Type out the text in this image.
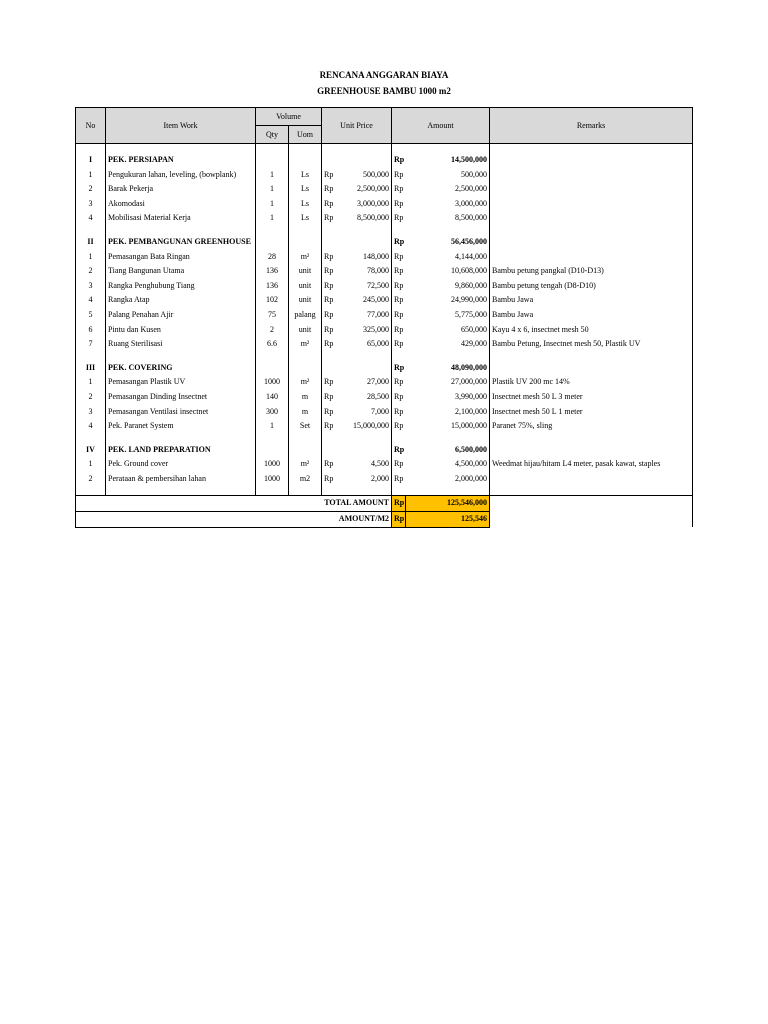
RENCANA ANGGARAN BIAYA
GREENHOUSE BAMBU 1000 m2
No	Item Work	Volume		Unit Price		Amount		Remarks
		Qty	Uom					

I	PEK. PERSIAPAN					Rp	14,500,000	
1	Pengukuran lahan, leveling, (bowplank)	1	Ls	Rp	500,000	Rp	500,000	
2	Barak Pekerja	1	Ls	Rp	2,500,000	Rp	2,500,000	
3	Akomodasi	1	Ls	Rp	3,000,000	Rp	3,000,000	
4	Mobilisasi Material Kerja	1	Ls	Rp	8,500,000	Rp	8,500,000	

II	PEK. PEMBANGUNAN GREENHOUSE					Rp	56,456,000	
1	Pemasangan Bata Ringan	28	m²	Rp	148,000	Rp	4,144,000	
2	Tiang Bangunan Utama	136	unit	Rp	78,000	Rp	10,608,000	Bambu petung pangkal (D10-D13)
3	Rangka Penghubung Tiang	136	unit	Rp	72,500	Rp	9,860,000	Bambu petung tengah (D8-D10)
4	Rangka Atap	102	unit	Rp	245,000	Rp	24,990,000	Bambu Jawa
5	Palang Penahan Ajir	75	palang	Rp	77,000	Rp	5,775,000	Bambu Jawa
6	Pintu dan Kusen	2	unit	Rp	325,000	Rp	650,000	Kayu 4 x 6, insectnet mesh 50
7	Ruang Sterilisasi	6.6	m²	Rp	65,000	Rp	429,000	Bambu Petung, Insectnet mesh 50, Plastik UV

III	PEK. COVERING					Rp	48,090,000	
1	Pemasangan Plastik UV	1000	m²	Rp	27,000	Rp	27,000,000	Plastik UV 200 mc 14%
2	Pemasangan Dinding Insectnet	140	m	Rp	28,500	Rp	3,990,000	Insectnet mesh 50 L 3 meter
3	Pemasangan Ventilasi insectnet	300	m	Rp	7,000	Rp	2,100,000	Insectnet mesh 50 L 1 meter
4	Pek. Paranet System	1	Set	Rp	15,000,000	Rp	15,000,000	Paranet 75%, sling

IV	PEK. LAND PREPARATION					Rp	6,500,000	
1	Pek. Ground cover	1000	m²	Rp	4,500	Rp	4,500,000	Weedmat hijau/hitam L4 meter, pasak kawat, staples
2	Perataan & pembersihan lahan	1000	m2	Rp	2,000	Rp	2,000,000	

TOTAL AMOUNT						Rp	125,546,000	
AMOUNT/M2						Rp	125,546	
